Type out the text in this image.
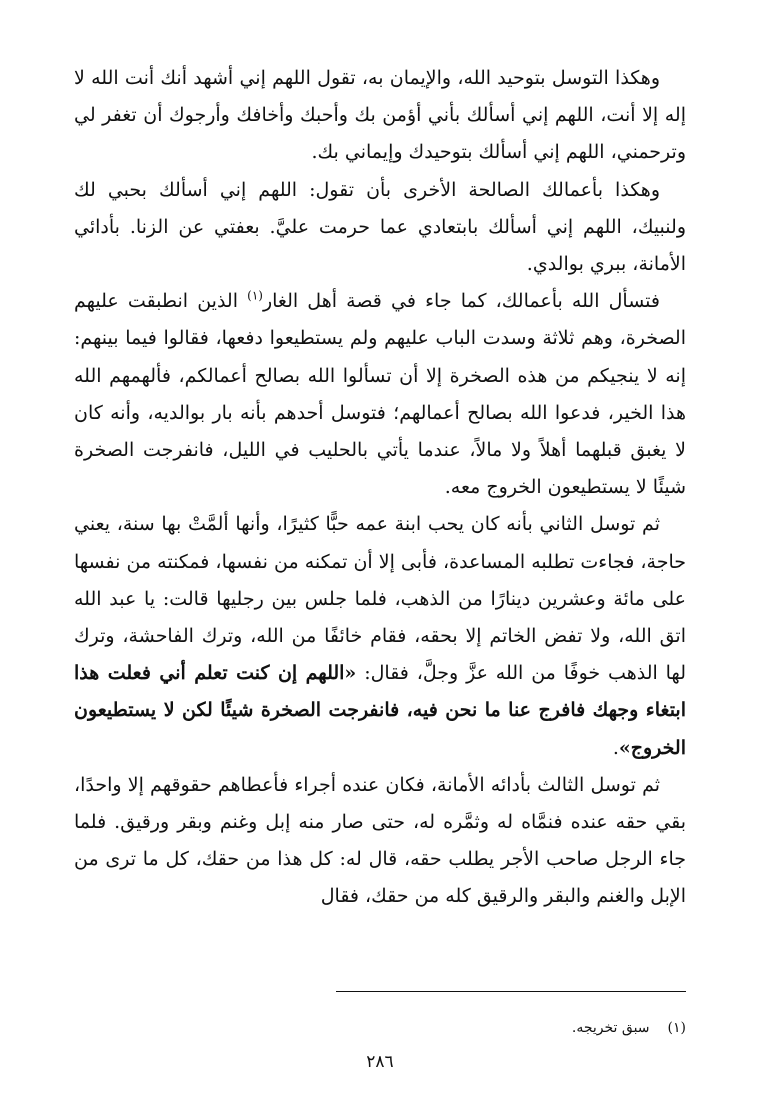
وهكذا التوسل بتوحيد الله، والإيمان به، تقول اللهم إني أشهد أنك أنت الله لا إله إلا أنت، اللهم إني أسألك بأني أؤمن بك وأحبك وأخافك وأرجوك أن تغفر لي وترحمني، اللهم إني أسألك بتوحيدك وإيماني بك.

وهكذا بأعمالك الصالحة الأخرى بأن تقول: اللهم إني أسألك بحبي لك ولنبيك، اللهم إني أسألك بابتعادي عما حرمت عليَّ. بعفتي عن الزنا. بأدائي الأمانة، ببري بوالدي.

فتسأل الله بأعمالك، كما جاء في قصة أهل الغار$^{(١)}$ الذين انطبقت عليهم الصخرة، وهم ثلاثة وسدت الباب عليهم ولم يستطيعوا دفعها، فقالوا فيما بينهم: إنه لا ينجيكم من هذه الصخرة إلا أن تسألوا الله بصالح أعمالكم، فألهمهم الله هذا الخير، فدعوا الله بصالح أعمالهم؛ فتوسل أحدهم بأنه بار بوالديه، وأنه كان لا يغبق قبلهما أهلاً ولا مالاً، عندما يأتي بالحليب في الليل، فانفرجت الصخرة شيئًا لا يستطيعون الخروج معه.

ثم توسل الثاني بأنه كان يحب ابنة عمه حبًّا كثيرًا، وأنها ألمَّتْ بها سنة، يعني حاجة، فجاءت تطلبه المساعدة، فأبى إلا أن تمكنه من نفسها، فمكنته من نفسها على مائة وعشرين دينارًا من الذهب، فلما جلس بين رجليها قالت: يا عبد الله اتق الله، ولا تفض الخاتم إلا بحقه، فقام خائفًا من الله، وترك الفاحشة، وترك لها الذهب خوفًا من الله عزَّ وجلَّ، فقال: «اللهم إن كنت تعلم أني فعلت هذا ابتغاء وجهك فافرج عنا ما نحن فيه، فانفرجت الصخرة شيئًا لكن لا يستطيعون الخروج».

ثم توسل الثالث بأدائه الأمانة، فكان عنده أجراء فأعطاهم حقوقهم إلا واحدًا، بقي حقه عنده فنمَّاه له وثمَّره له، حتى صار منه إبل وغنم وبقر ورقيق. فلما جاء الرجل صاحب الأجر يطلب حقه، قال له: كل هذا من حقك، كل ما ترى من الإبل والغنم والبقر والرقيق كله من حقك، فقال

(١)سبق تخريجه.
٢٨٦
